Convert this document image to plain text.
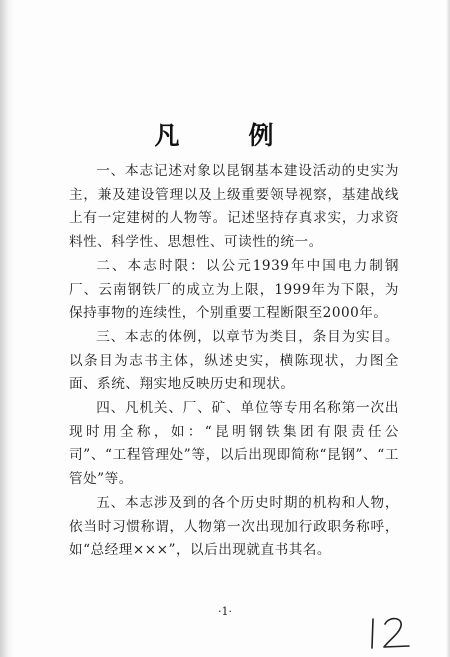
凡　例

一、本志记述对象以昆钢基本建设活动的史实为主，兼及建设管理以及上级重要领导视察，基建战线上有一定建树的人物等。记述坚持存真求实，力求资料性、科学性、思想性、可读性的统一。

二、本志时限：以公元1939年中国电力制钢厂、云南钢铁厂的成立为上限，1999年为下限，为保持事物的连续性，个别重要工程断限至2000年。

三、本志的体例，以章节为类目，条目为实目。以条目为志书主体，纵述史实，横陈现状，力图全面、系统、翔实地反映历史和现状。

四、凡机关、厂、矿、单位等专用名称第一次出现时用全称，如：“昆明钢铁集团有限责任公司”、“工程管理处”等，以后出现即简称“昆钢”、“工管处”等。

五、本志涉及到的各个历史时期的机构和人物，依当时习惯称谓，人物第一次出现加行政职务称呼，如“总经理×××”，以后出现就直书其名。

·1·
